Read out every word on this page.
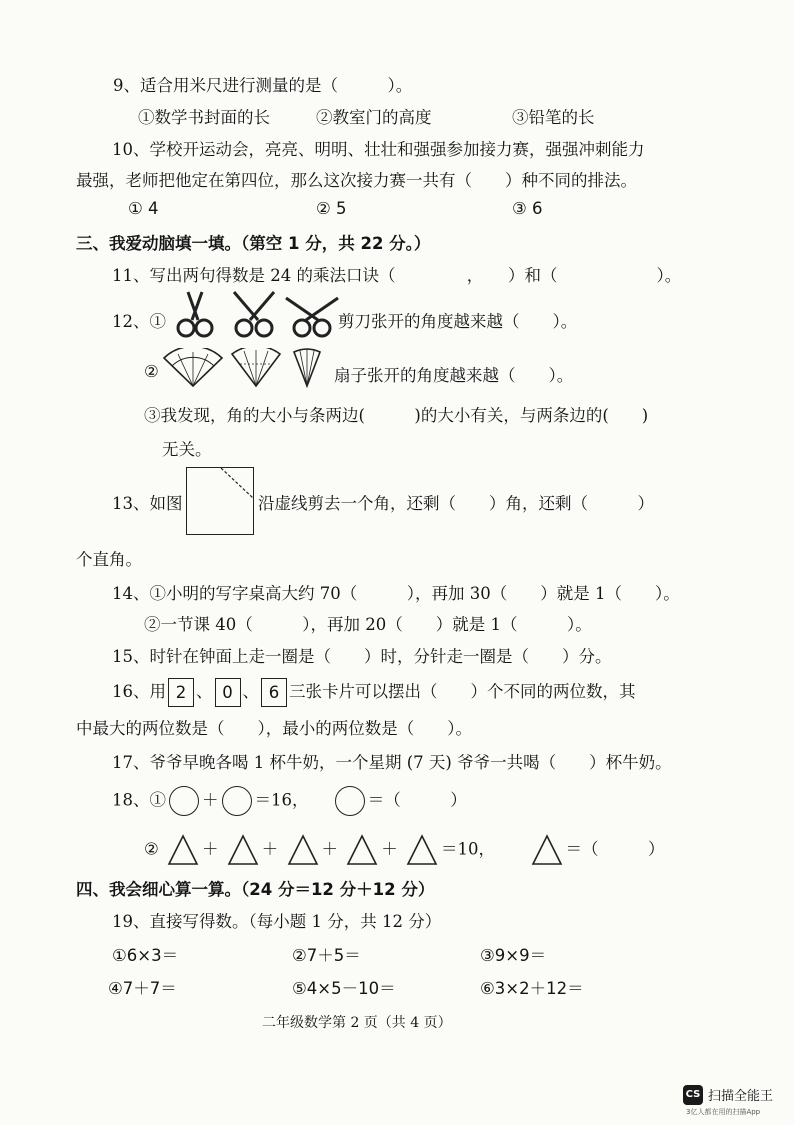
9、适合用米尺进行测量的是（　　　）。
①数学书封面的长	②教室门的高度	③铅笔的长
10、学校开运动会，亮亮、明明、壮壮和强强参加接力赛，强强冲刺能力
最强，老师把他定在第四位，那么这次接力赛一共有（　　）种不同的排法。
① 4	② 5	③ 6
三、我爱动脑填一填。（第空 1 分，共 22 分。）
11、写出两句得数是 24 的乘法口诀（　　　　 ，　　）和（　　　　　　）。
12、①	剪刀张开的角度越来越（　　）。
②	扇子张开的角度越来越（　　）。
③我发现，角的大小与条两边(　　　)的大小有关，与两条边的(　　)
无关。
13、如图	沿虚线剪去一个角，还剩（　　）角，还剩（　　　）
个直角。
14、①小明的写字桌高大约 70（　　　），再加 30（　　）就是 1（　　）。
②一节课 40（　　　），再加 20（　　）就是 1（　　　）。
15、时针在钟面上走一圈是（　　）时，分针走一圈是（　　）分。
16、用 2 、 0 、 6 三张卡片可以摆出（　　）个不同的两位数，其
中最大的两位数是（　　），最小的两位数是（　　）。
17、爷爷早晚各喝 1 杯牛奶，一个星期 (7 天) 爷爷一共喝（　　）杯牛奶。
18、① ＋ ＝16，	＝（　　　）
②	＋	＋	＋	＋	＝10，	＝（　　　）
四、我会细心算一算。（24 分＝12 分＋12 分）
19、直接写得数。（每小题 1 分，共 12 分）
①6×3＝	②7＋5＝	③9×9＝
④7＋7＝	⑤4×5－10＝	⑥3×2＋12＝
二年级数学第 2 页（共 4 页）
CS 扫描全能王
3亿人都在用的扫描App
